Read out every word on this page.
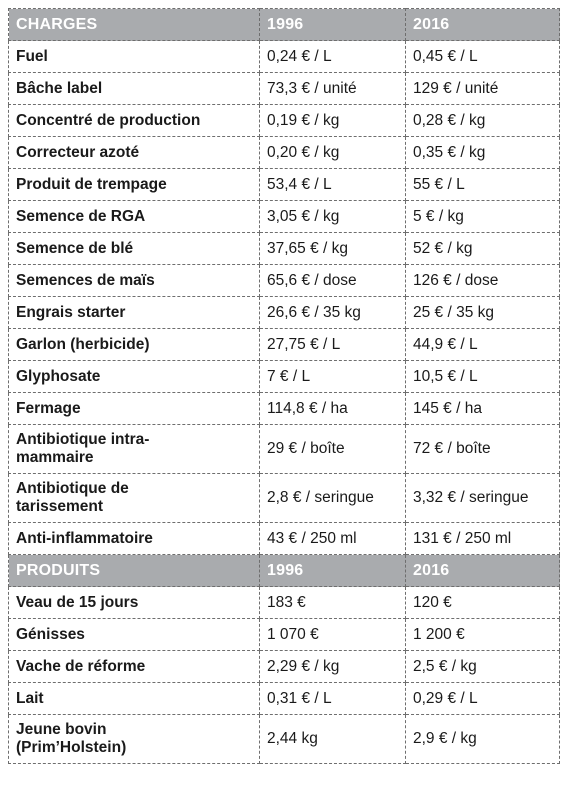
CHARGES	1996	2016
Fuel	0,24 € / L	0,45 € / L
Bâche label	73,3 € / unité	129 € / unité
Concentré de production	0,19 € / kg	0,28 € / kg
Correcteur azoté	0,20 € / kg	0,35 € / kg
Produit de trempage	53,4 € / L	55 € / L
Semence de RGA	3,05 € / kg	5 € / kg
Semence de blé	37,65 € / kg	52 € / kg
Semences de maïs	65,6 € / dose	126 € / dose
Engrais starter	26,6 € / 35 kg	25 € / 35 kg
Garlon (herbicide)	27,75 € / L	44,9 € / L
Glyphosate	7 € / L	10,5 € / L
Fermage	114,8 € / ha	145 € / ha
Antibiotique intra-
mammaire	29 € / boîte	72 € / boîte
Antibiotique de
tarissement	2,8 € / seringue	3,32 € / seringue
Anti-inflammatoire	43 € / 250 ml	131 € / 250 ml
PRODUITS	1996	2016
Veau de 15 jours	183 €	120 €
Génisses	1 070 €	1 200 €
Vache de réforme	2,29 € / kg	2,5 € / kg
Lait	0,31 € / L	0,29 € / L
Jeune bovin
(Prim’Holstein)	2,44 kg	2,9 € / kg
